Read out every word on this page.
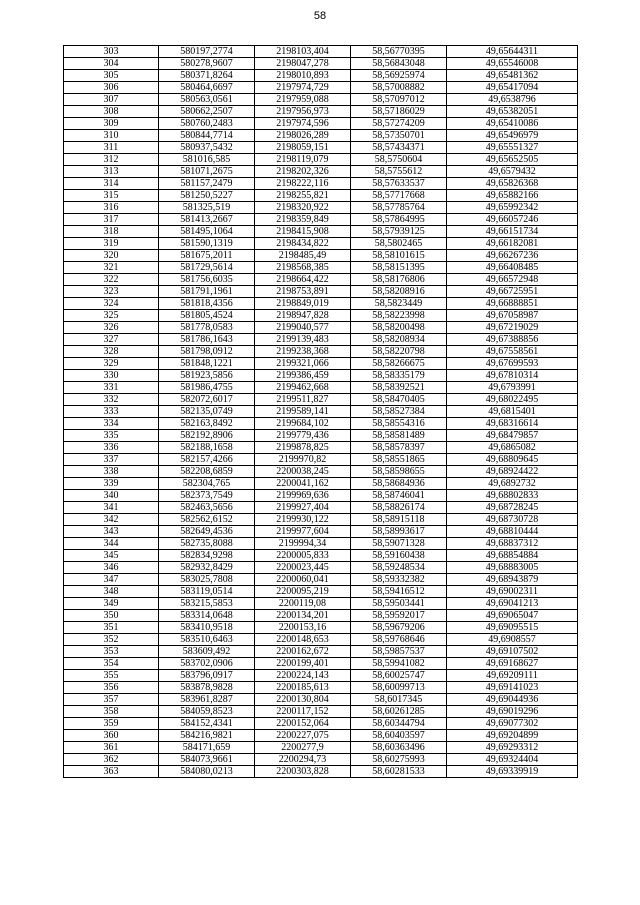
58
303	580197,2774	2198103,404	58,56770395	49,65644311
304	580278,9607	2198047,278	58,56843048	49,65546008
305	580371,8264	2198010,893	58,56925974	49,65481362
306	580464,6697	2197974,729	58,57008882	49,65417094
307	580563,0561	2197959,088	58,57097012	49,6538796
308	580662,2507	2197956,973	58,57186029	49,65382051
309	580760,2483	2197974,596	58,57274209	49,65410086
310	580844,7714	2198026,289	58,57350701	49,65496979
311	580937,5432	2198059,151	58,57434371	49,65551327
312	581016,585	2198119,079	58,5750604	49,65652505
313	581071,2675	2198202,326	58,5755612	49,6579432
314	581157,2479	2198222,116	58,57633537	49,65826368
315	581250,5227	2198255,821	58,57717668	49,65882166
316	581325,519	2198320,922	58,57785764	49,65992342
317	581413,2667	2198359,849	58,57864995	49,66057246
318	581495,1064	2198415,908	58,57939125	49,66151734
319	581590,1319	2198434,822	58,5802465	49,66182081
320	581675,2011	2198485,49	58,58101615	49,66267236
321	581729,5614	2198568,385	58,58151395	49,66408485
322	581756,6035	2198664,422	58,58176806	49,66572948
323	581791,1961	2198753,891	58,58208916	49,66725951
324	581818,4356	2198849,019	58,5823449	49,66888851
325	581805,4524	2198947,828	58,58223998	49,67058987
326	581778,0583	2199040,577	58,58200498	49,67219029
327	581786,1643	2199139,483	58,58208934	49,67388856
328	581798,0912	2199238,368	58,58220798	49,67558561
329	581848,1221	2199321,066	58,58266675	49,67699593
330	581923,5856	2199386,459	58,58335179	49,67810314
331	581986,4755	2199462,668	58,58392521	49,6793991
332	582072,6017	2199511,827	58,58470405	49,68022495
333	582135,0749	2199589,141	58,58527384	49,6815401
334	582163,8492	2199684,102	58,58554316	49,68316614
335	582192,8906	2199779,436	58,58581489	49,68479857
336	582188,1658	2199878,825	58,58578397	49,6865082
337	582157,4266	2199970,82	58,58551865	49,68809645
338	582208,6859	2200038,245	58,58598655	49,68924422
339	582304,765	2200041,162	58,58684936	49,6892732
340	582373,7549	2199969,636	58,58746041	49,68802833
341	582463,5656	2199927,404	58,58826174	49,68728245
342	582562,6152	2199930,122	58,58915118	49,68730728
343	582649,4536	2199977,604	58,58993617	49,68810444
344	582735,8088	2199994,34	58,59071328	49,68837312
345	582834,9298	2200005,833	58,59160438	49,68854884
346	582932,8429	2200023,445	58,59248534	49,68883005
347	583025,7808	2200060,041	58,59332382	49,68943879
348	583119,0514	2200095,219	58,59416512	49,69002311
349	583215,5853	2200119,08	58,59503441	49,69041213
350	583314,0648	2200134,201	58,59592017	49,69065047
351	583410,9518	2200153,16	58,59679206	49,69095515
352	583510,6463	2200148,653	58,59768646	49,6908557
353	583609,492	2200162,672	58,59857537	49,69107502
354	583702,0906	2200199,401	58,59941082	49,69168627
355	583796,0917	2200224,143	58,60025747	49,69209111
356	583878,9828	2200185,613	58,60099713	49,69141023
357	583961,8287	2200130,804	58,6017345	49,69044936
358	584059,8523	2200117,152	58,60261285	49,69019296
359	584152,4341	2200152,064	58,60344794	49,69077302
360	584216,9821	2200227,075	58,60403597	49,69204899
361	584171,659	2200277,9	58,60363496	49,69293312
362	584073,9661	2200294,73	58,60275993	49,69324404
363	584080,0213	2200303,828	58,60281533	49,69339919
